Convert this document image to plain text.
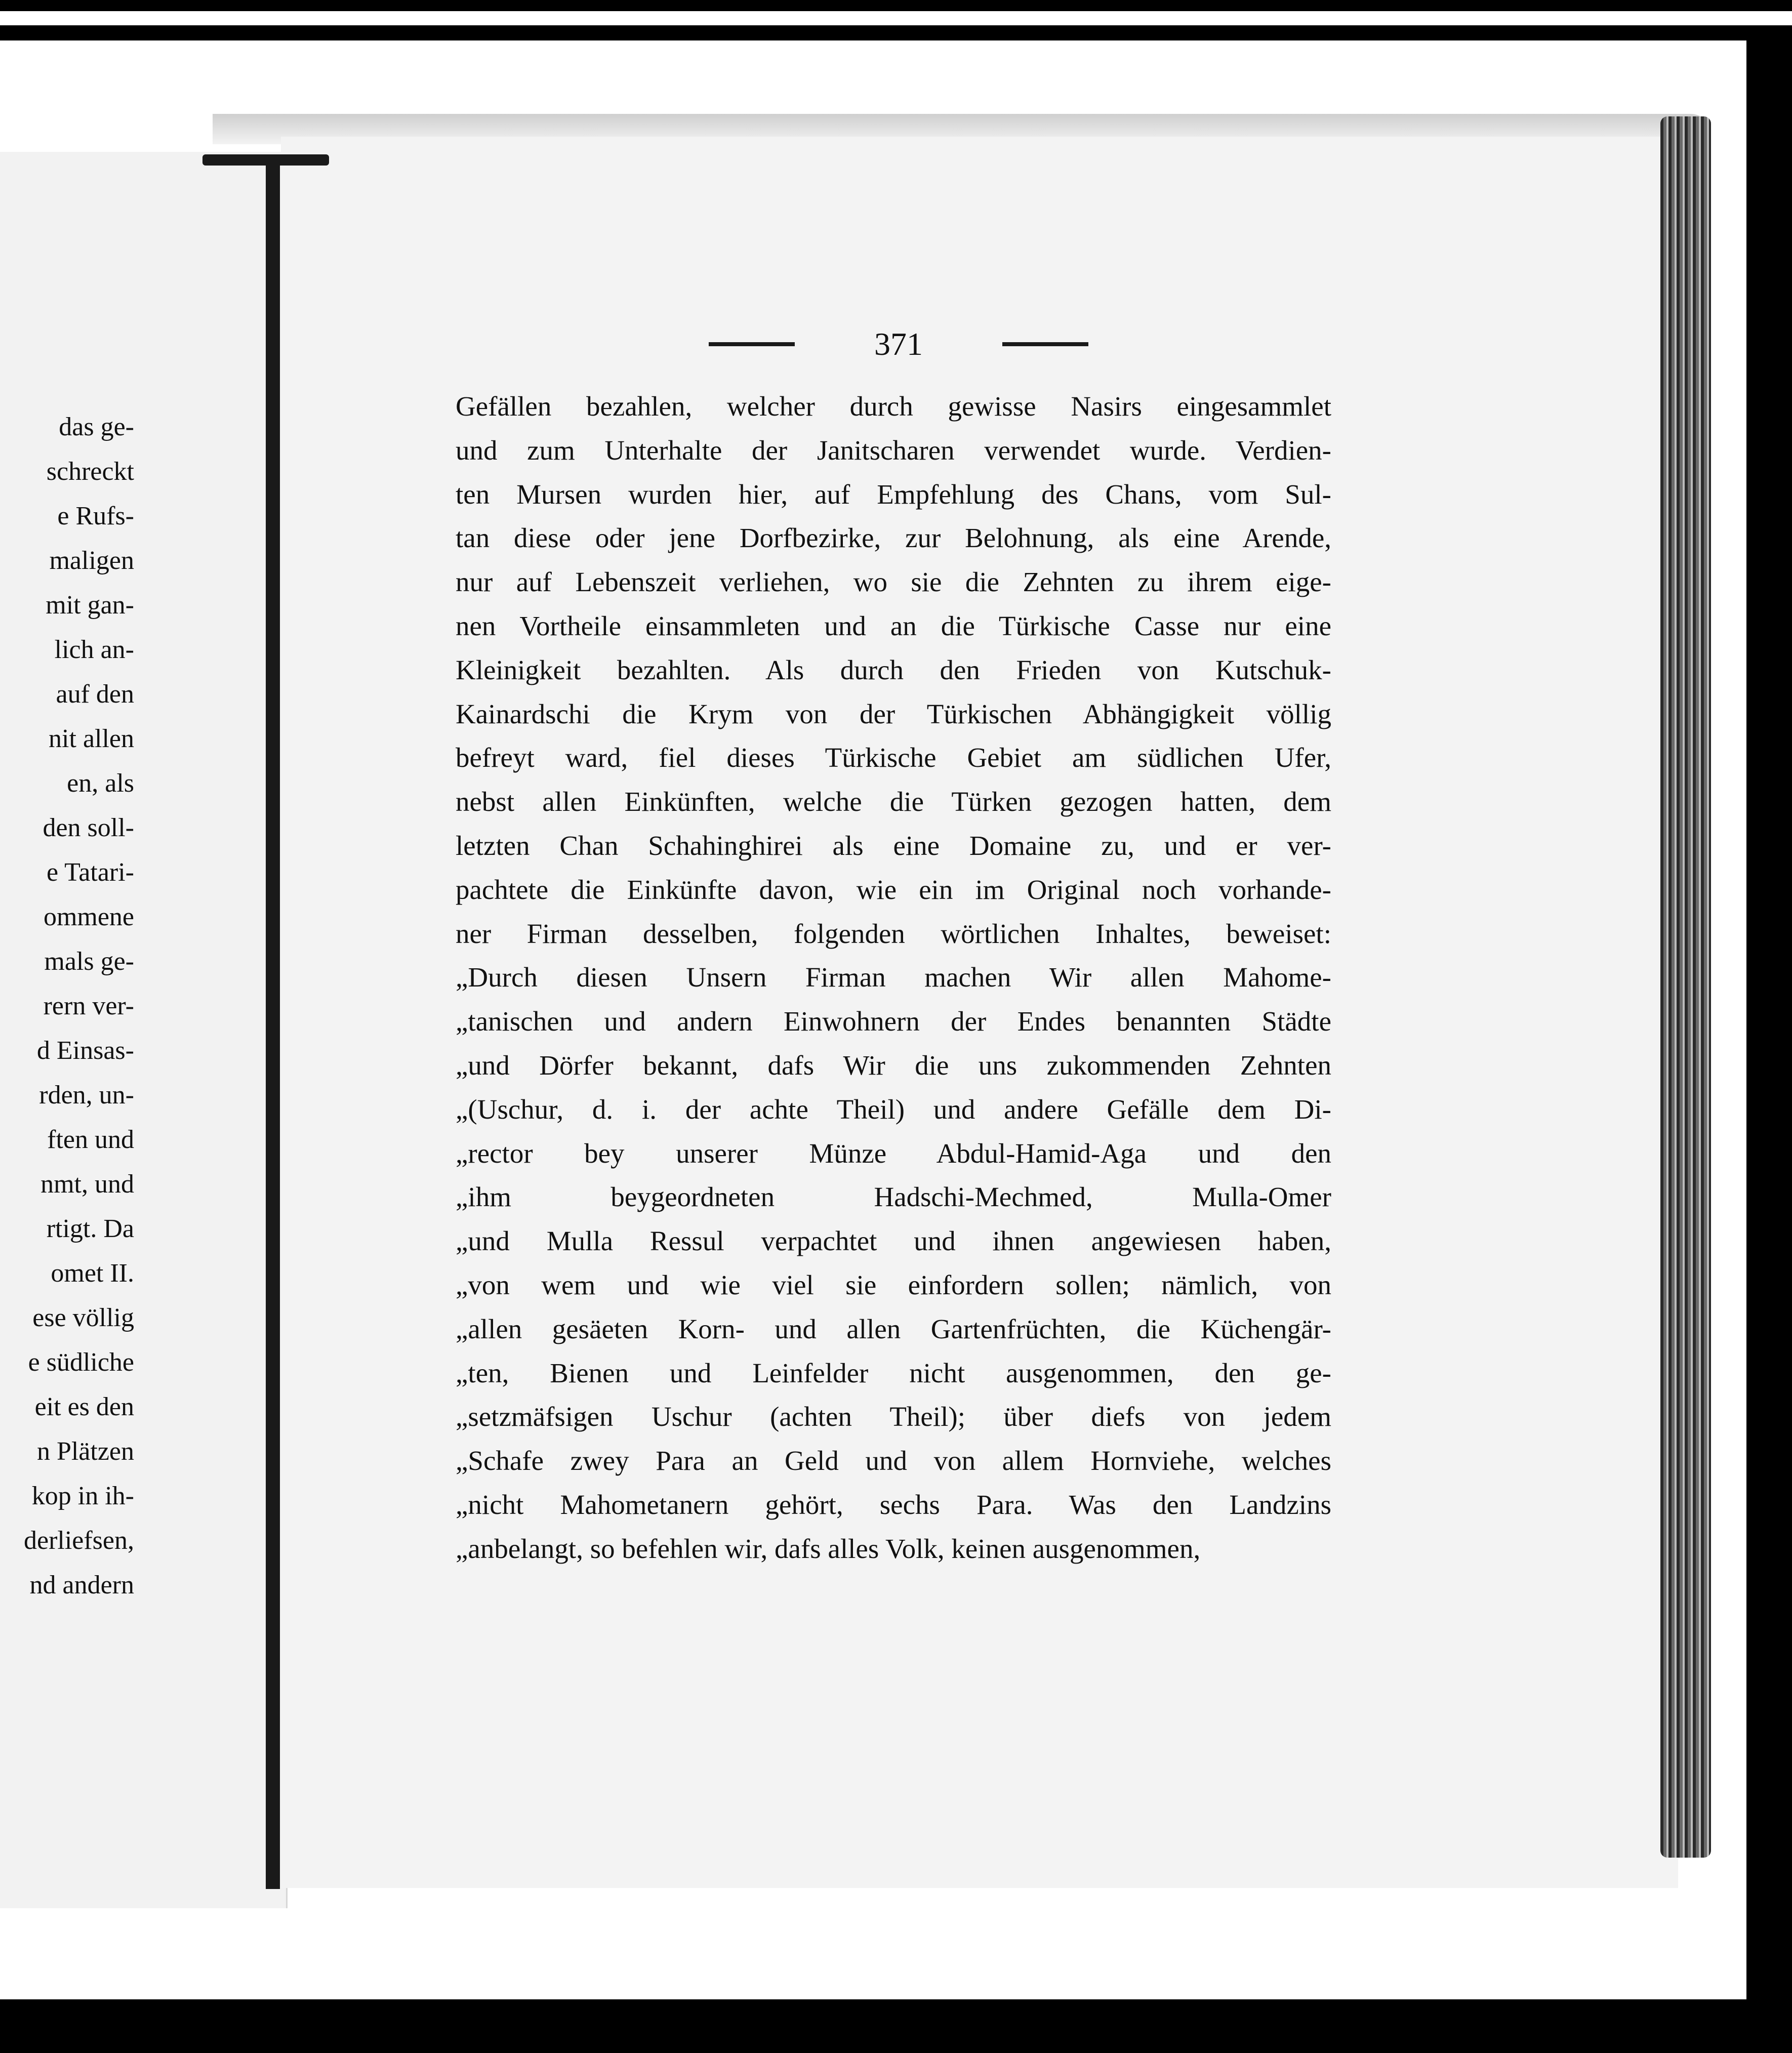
das ge-
schreckt
e Rufs-
maligen
mit gan-
lich an-
auf den
nit allen
en, als
den soll-
e Tatari-
ommene
mals ge-
rern ver-
d Einsas-
rden, un-
ften und
nmt, und
rtigt. Da
omet II.
ese völlig
e südliche
eit es den
n Plätzen
kop in ih-
derliefsen,
nd andern
371
Gefällen bezahlen, welcher durch gewisse Nasirs eingesammlet
und zum Unterhalte der Janitscharen verwendet wurde. Verdien-
ten Mursen wurden hier, auf Empfehlung des Chans, vom Sul-
tan diese oder jene Dorfbezirke, zur Belohnung, als eine Arende,
nur auf Lebenszeit verliehen, wo sie die Zehnten zu ihrem eige-
nen Vortheile einsammleten und an die Türkische Casse nur eine
Kleinigkeit bezahlten. Als durch den Frieden von Kutschuk-
Kainardschi die Krym von der Türkischen Abhängigkeit völlig
befreyt ward, fiel dieses Türkische Gebiet am südlichen Ufer,
nebst allen Einkünften, welche die Türken gezogen hatten, dem
letzten Chan Schahinghirei als eine Domaine zu, und er ver-
pachtete die Einkünfte davon, wie ein im Original noch vorhande-
ner Firman desselben, folgenden wörtlichen Inhaltes, beweiset:
„Durch diesen Unsern Firman machen Wir allen Mahome-
„tanischen und andern Einwohnern der Endes benannten Städte
„und Dörfer bekannt, dafs Wir die uns zukommenden Zehnten
„(Uschur, d. i. der achte Theil) und andere Gefälle dem Di-
„rector bey unserer Münze Abdul-Hamid-Aga und den
„ihm beygeordneten Hadschi-Mechmed, Mulla-Omer
„und Mulla Ressul verpachtet und ihnen angewiesen haben,
„von wem und wie viel sie einfordern sollen; nämlich, von
„allen gesäeten Korn- und allen Gartenfrüchten, die Küchengär-
„ten, Bienen und Leinfelder nicht ausgenommen, den ge-
„setzmäfsigen Uschur (achten Theil); über diefs von jedem
„Schafe zwey Para an Geld und von allem Hornviehe, welches
„nicht Mahometanern gehört, sechs Para. Was den Landzins
„anbelangt, so befehlen wir, dafs alles Volk, keinen ausgenommen,
